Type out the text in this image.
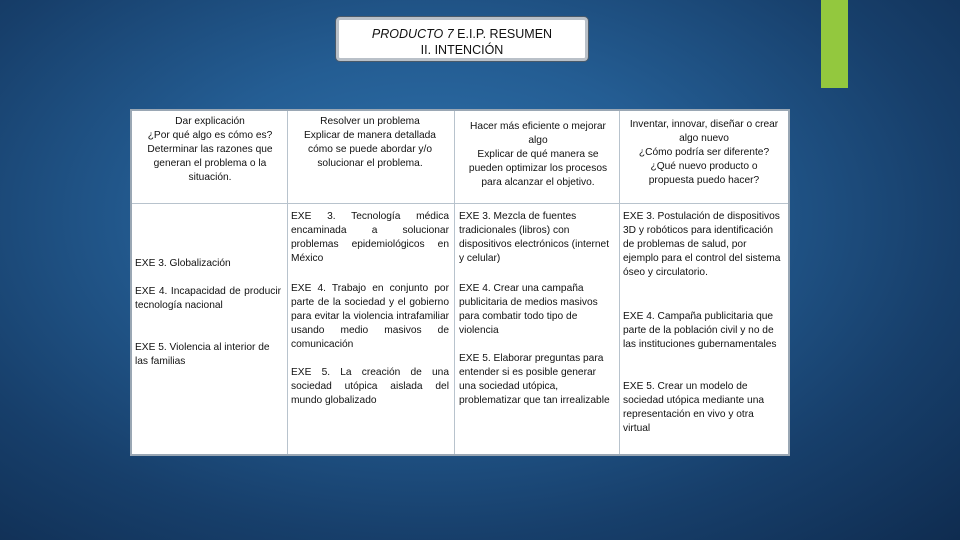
PRODUCTO 7 E.I.P. RESUMEN
II. INTENCIÓN
Dar explicación
¿Por qué algo es cómo es? Determinar las razones que generan el problema o la situación.
Resolver un problema
Explicar de manera detallada cómo se puede abordar y/o solucionar el problema.
Hacer más eficiente o mejorar algo
Explicar de qué manera se pueden optimizar los procesos para alcanzar el objetivo.
Inventar, innovar, diseñar o crear algo nuevo
¿Cómo podría ser diferente? ¿Qué nuevo producto o propuesta puedo hacer?
EXE 3. Globalización
EXE 4. Incapacidad de producir tecnología nacional
EXE 5. Violencia al interior de las familias
EXE 3. Tecnología médica encaminada a solucionar problemas epidemiológicos en México
EXE 4. Trabajo en conjunto por parte de la sociedad y el gobierno para evitar la violencia intrafamiliar usando medio masivos de comunicación
EXE 5. La creación de una sociedad utópica aislada del mundo globalizado
EXE 3. Mezcla de fuentes tradicionales (libros) con dispositivos electrónicos (internet y celular)
EXE 4. Crear una campaña publicitaria de medios masivos para combatir todo tipo de violencia
EXE 5. Elaborar preguntas para entender si es posible generar una sociedad utópica, problematizar que tan irrealizable
EXE 3. Postulación de dispositivos 3D y robóticos para identificación de problemas de salud, por ejemplo para el control del sistema óseo y circulatorio.
EXE 4. Campaña publicitaria que parte de la población civil y no de las instituciones gubernamentales
EXE 5. Crear un modelo de sociedad utópica mediante una representación en vivo y otra virtual
